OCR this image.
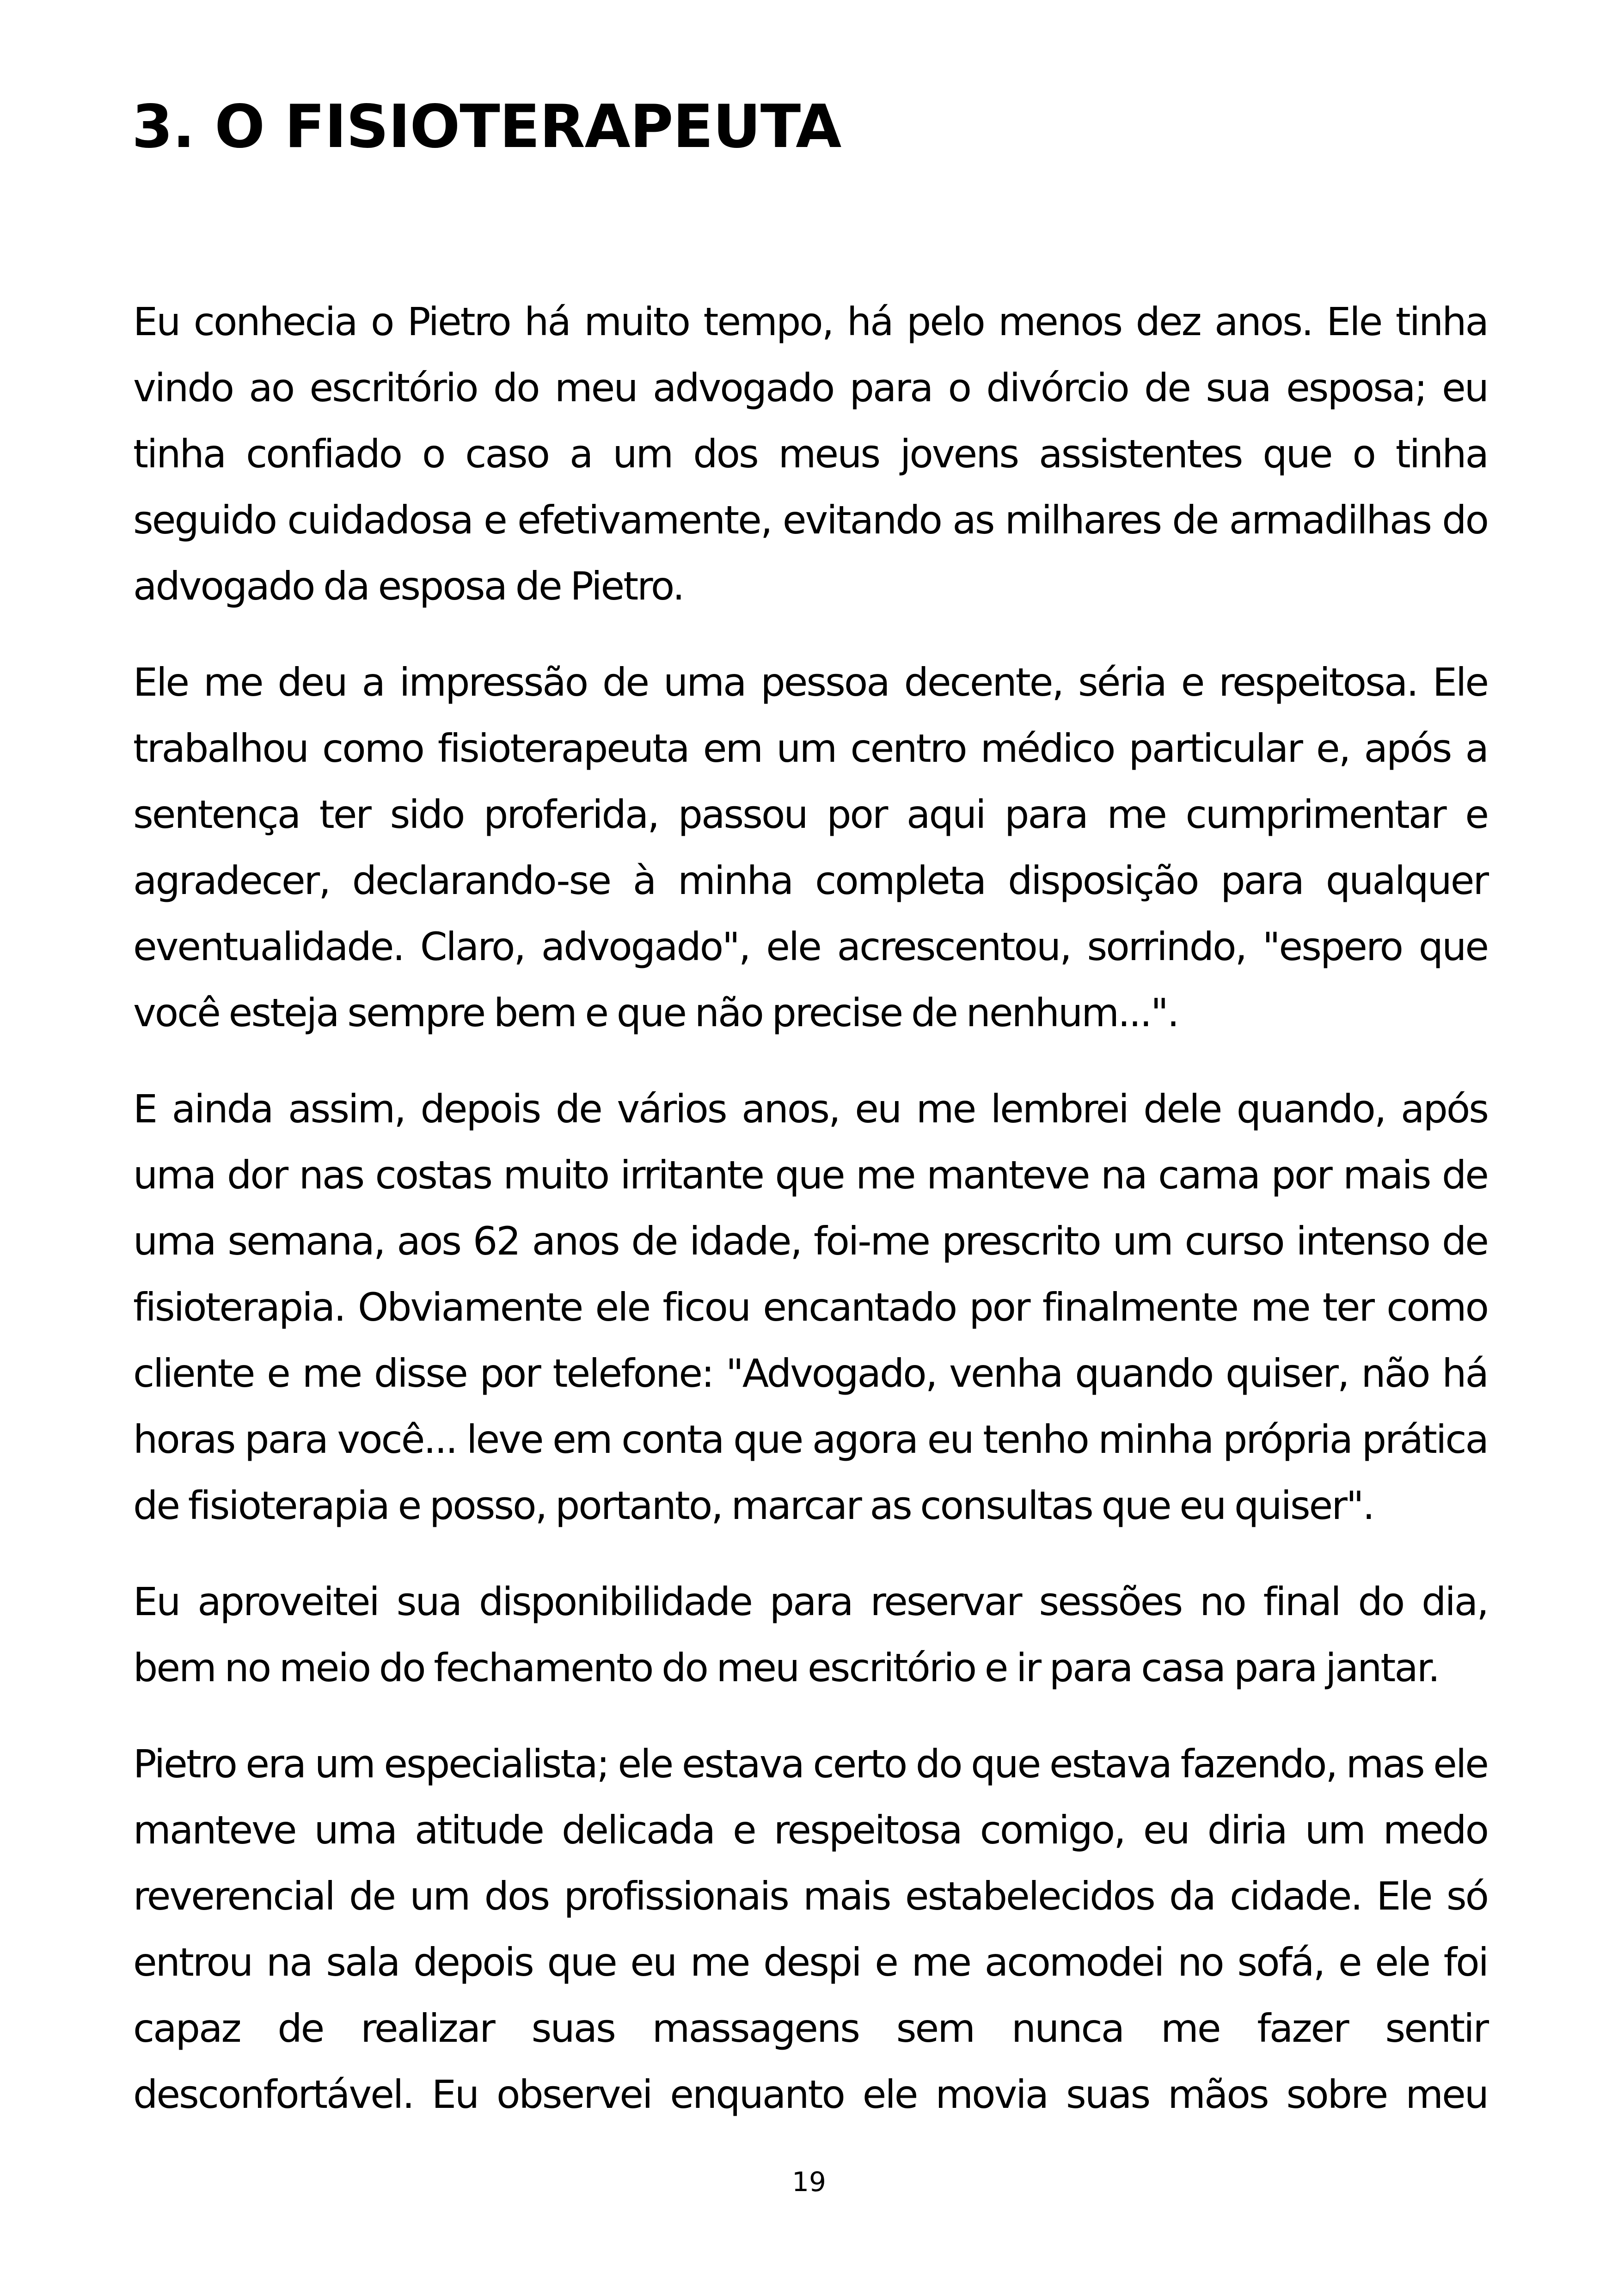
3. O FISIOTERAPEUTA

Eu conhecia o Pietro há muito tempo, há pelo menos dez anos. Ele tinha vindo ao escritório do meu advogado para o divórcio de sua esposa; eu tinha confiado o caso a um dos meus jovens assistentes que o tinha seguido cuidadosa e efetivamente, evitando as milhares de armadilhas do advogado da esposa de Pietro.

Ele me deu a impressão de uma pessoa decente, séria e respeitosa. Ele trabalhou como fisioterapeuta em um centro médico particular e, após a sentença ter sido proferida, passou por aqui para me cumprimentar e agradecer, declarando-se à minha completa disposição para qualquer eventualidade. Claro, advogado", ele acrescentou, sorrindo, "espero que você esteja sempre bem e que não precise de nenhum...".

E ainda assim, depois de vários anos, eu me lembrei dele quando, após uma dor nas costas muito irritante que me manteve na cama por mais de uma semana, aos 62 anos de idade, foi-me prescrito um curso intenso de fisioterapia. Obviamente ele ficou encantado por finalmente me ter como cliente e me disse por telefone: "Advogado, venha quando quiser, não há horas para você... leve em conta que agora eu tenho minha própria prática de fisioterapia e posso, portanto, marcar as consultas que eu quiser".

Eu aproveitei sua disponibilidade para reservar sessões no final do dia, bem no meio do fechamento do meu escritório e ir para casa para jantar.

Pietro era um especialista; ele estava certo do que estava fazendo, mas ele manteve uma atitude delicada e respeitosa comigo, eu diria um medo reverencial de um dos profissionais mais estabelecidos da cidade. Ele só entrou na sala depois que eu me despi e me acomodei no sofá, e ele foi capaz de realizar suas massagens sem nunca me fazer sentir desconfortável. Eu observei enquanto ele movia suas mãos sobre meu

19
